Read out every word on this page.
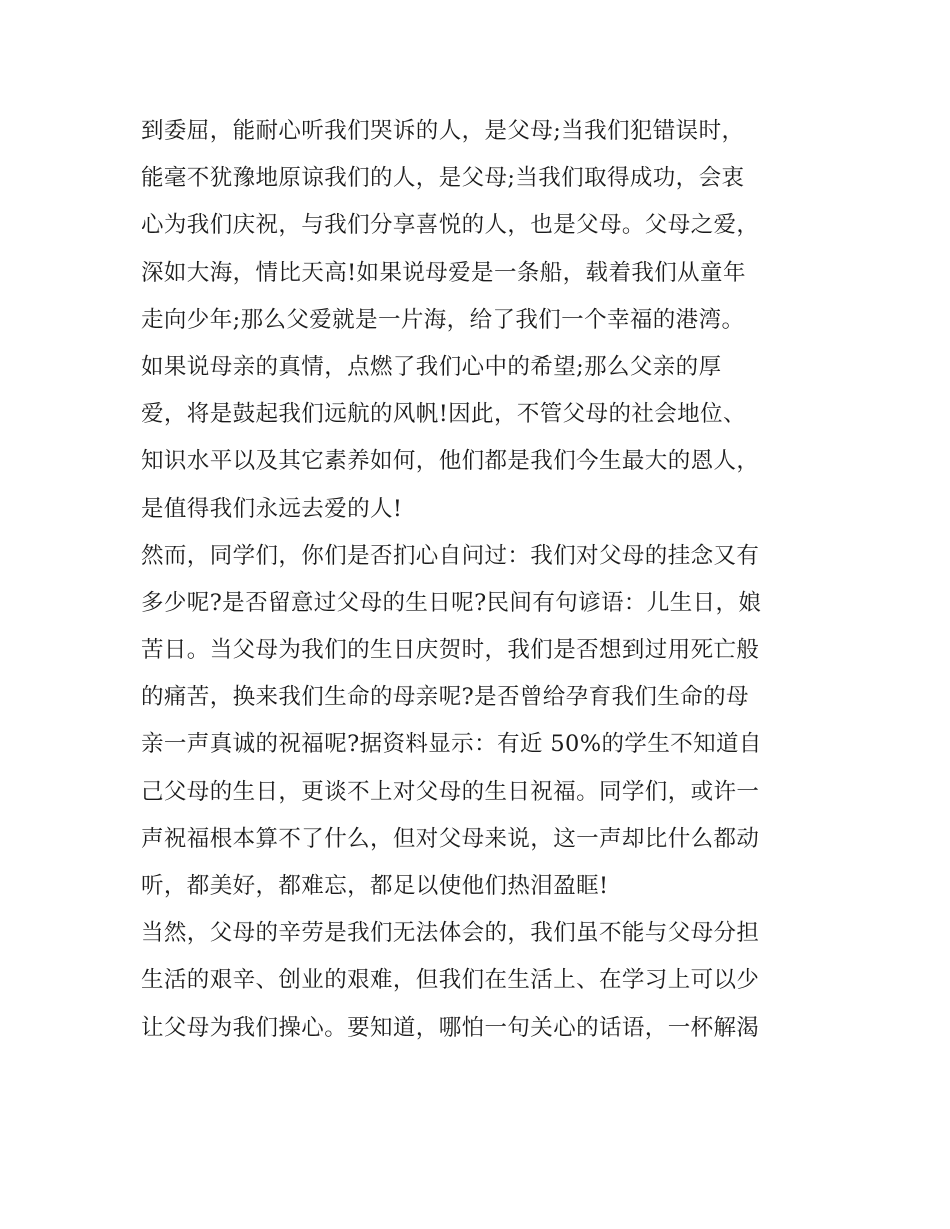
到委屈，能耐心听我们哭诉的人，是父母;当我们犯错误时，
能毫不犹豫地原谅我们的人，是父母;当我们取得成功，会衷
心为我们庆祝，与我们分享喜悦的人，也是父母。父母之爱，
深如大海，情比天高!如果说母爱是一条船，载着我们从童年
走向少年;那么父爱就是一片海，给了我们一个幸福的港湾。
如果说母亲的真情，点燃了我们心中的希望;那么父亲的厚
爱，将是鼓起我们远航的风帆!因此，不管父母的社会地位、
知识水平以及其它素养如何，他们都是我们今生最大的恩人，
是值得我们永远去爱的人!
然而，同学们，你们是否扪心自问过：我们对父母的挂念又有
多少呢?是否留意过父母的生日呢?民间有句谚语：儿生日，娘
苦日。当父母为我们的生日庆贺时，我们是否想到过用死亡般
的痛苦，换来我们生命的母亲呢?是否曾给孕育我们生命的母
亲一声真诚的祝福呢?据资料显示：有近 50%的学生不知道自
己父母的生日，更谈不上对父母的生日祝福。同学们，或许一
声祝福根本算不了什么，但对父母来说，这一声却比什么都动
听，都美好，都难忘，都足以使他们热泪盈眶!
当然，父母的辛劳是我们无法体会的，我们虽不能与父母分担
生活的艰辛、创业的艰难，但我们在生活上、在学习上可以少
让父母为我们操心。要知道，哪怕一句关心的话语，一杯解渴
